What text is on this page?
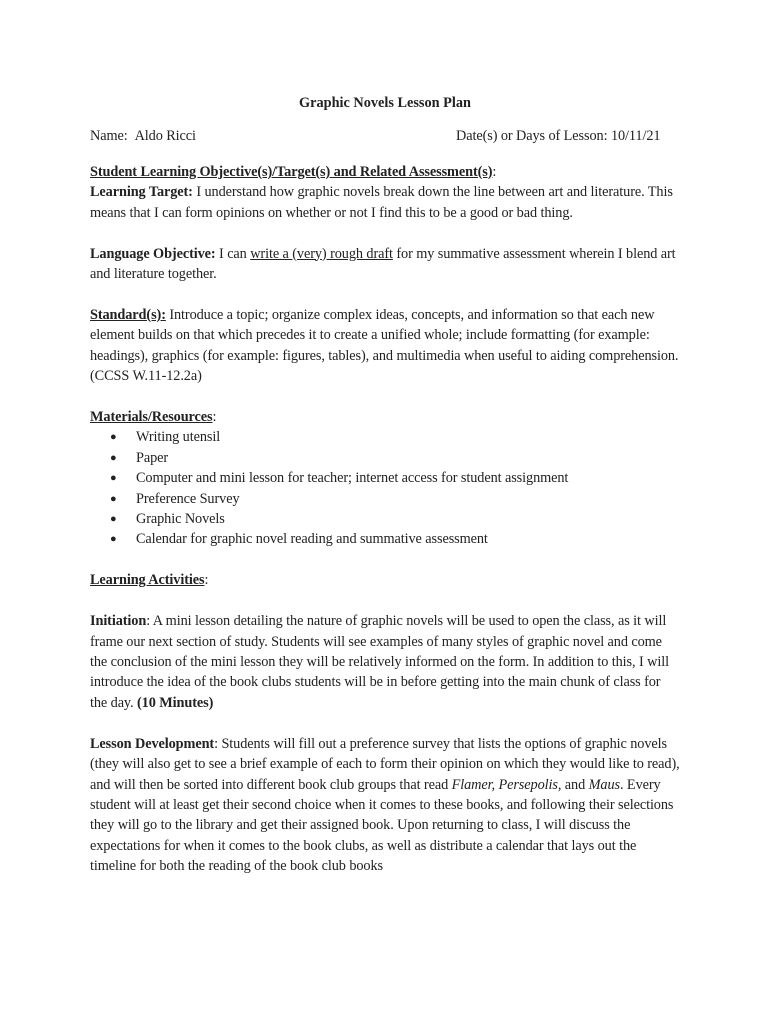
Graphic Novels Lesson Plan
Name: Aldo Ricci	Date(s) or Days of Lesson: 10/11/21

Student Learning Objective(s)/Target(s) and Related Assessment(s):

Learning Target: I understand how graphic novels break down the line between art and literature. This means that I can form opinions on whether or not I find this to be a good or bad thing.

Language Objective: I can write a (very) rough draft for my summative assessment wherein I blend art and literature together.

Standard(s): Introduce a topic; organize complex ideas, concepts, and information so that each new element builds on that which precedes it to create a unified whole; include formatting (for example: headings), graphics (for example: figures, tables), and multimedia when useful to aiding comprehension. (CCSS W.11-12.2a)

Materials/Resources:

● Writing utensil
● Paper
● Computer and mini lesson for teacher; internet access for student assignment
● Preference Survey
● Graphic Novels
● Calendar for graphic novel reading and summative assessment

Learning Activities:

Initiation: A mini lesson detailing the nature of graphic novels will be used to open the class, as it will frame our next section of study. Students will see examples of many styles of graphic novel and come the conclusion of the mini lesson they will be relatively informed on the form. In addition to this, I will introduce the idea of the book clubs students will be in before getting into the main chunk of class for the day. (10 Minutes)

Lesson Development: Students will fill out a preference survey that lists the options of graphic novels (they will also get to see a brief example of each to form their opinion on which they would like to read), and will then be sorted into different book club groups that read Flamer, Persepolis, and Maus. Every student will at least get their second choice when it comes to these books, and following their selections they will go to the library and get their assigned book. Upon returning to class, I will discuss the expectations for when it comes to the book clubs, as well as distribute a calendar that lays out the timeline for both the reading of the book club books
